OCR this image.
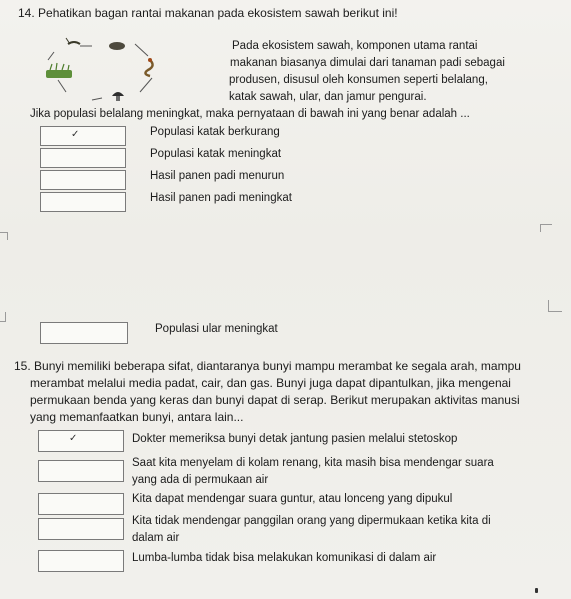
14. Pehatikan bagan rantai makanan pada ekosistem sawah berikut ini!
Pada ekosistem sawah, komponen utama rantai
makanan biasanya dimulai dari tanaman padi sebagai
produsen, disusul oleh konsumen seperti belalang,
katak sawah, ular, dan jamur pengurai.
Jika populasi belalang meningkat, maka pernyataan di bawah ini yang benar adalah ...
✓	Populasi katak berkurang
Populasi katak meningkat
Hasil panen padi menurun
Hasil panen padi meningkat
Populasi ular meningkat
15. Bunyi memiliki beberapa sifat, diantaranya bunyi mampu merambat ke segala arah, mampu
merambat melalui media padat, cair, dan gas. Bunyi juga dapat dipantulkan, jika mengenai
permukaan benda yang keras dan bunyi dapat di serap. Berikut merupakan aktivitas manusi
yang memanfaatkan bunyi, antara lain...
✓	Dokter memeriksa bunyi detak jantung pasien melalui stetoskop
Saat kita menyelam di kolam renang, kita masih bisa mendengar suara
yang ada di permukaan air
Kita dapat mendengar suara guntur, atau lonceng yang dipukul
Kita tidak mendengar panggilan orang yang dipermukaan ketika kita di
dalam air
Lumba-lumba tidak bisa melakukan komunikasi di dalam air
